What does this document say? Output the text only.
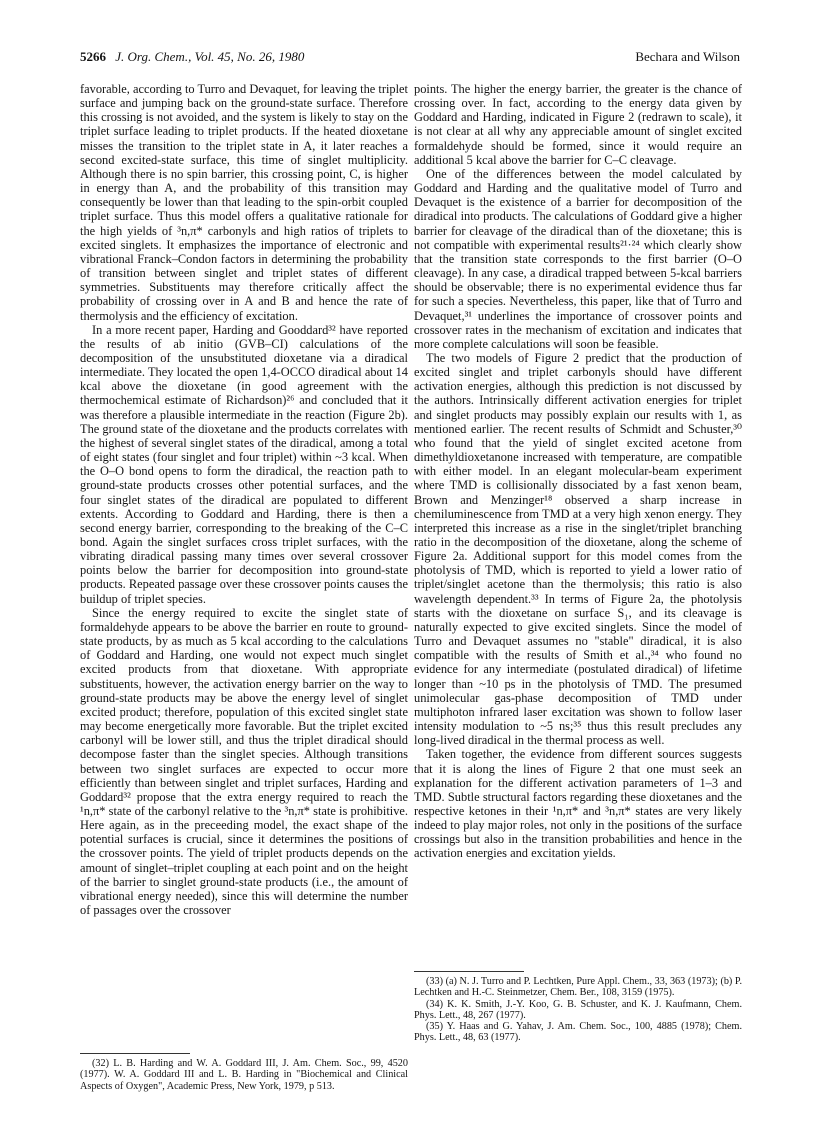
5266 J. Org. Chem., Vol. 45, No. 26, 1980	Bechara and Wilson

favorable, according to Turro and Devaquet, for leaving the triplet surface and jumping back on the ground-state surface. Therefore this crossing is not avoided, and the system is likely to stay on the triplet surface leading to triplet products. If the heated dioxetane misses the transition to the triplet state in A, it later reaches a second excited-state surface, this time of singlet multiplicity. Although there is no spin barrier, this crossing point, C, is higher in energy than A, and the probability of this transition may consequently be lower than that leading to the spin-orbit coupled triplet surface. Thus this model offers a qualitative rationale for the high yields of ³n,π* carbonyls and high ratios of triplets to excited singlets. It emphasizes the importance of electronic and vibrational Franck–Condon factors in determining the probability of transition between singlet and triplet states of different symmetries. Substituents may therefore critically affect the probability of crossing over in A and B and hence the rate of thermolysis and the efficiency of excitation.

In a more recent paper, Harding and Gooddard³² have reported the results of ab initio (GVB–CI) calculations of the decomposition of the unsubstituted dioxetane via a diradical intermediate. They located the open 1,4-OCCO diradical about 14 kcal above the dioxetane (in good agreement with the thermochemical estimate of Richardson)²⁶ and concluded that it was therefore a plausible intermediate in the reaction (Figure 2b). The ground state of the dioxetane and the products correlates with the highest of several singlet states of the diradical, among a total of eight states (four singlet and four triplet) within ~3 kcal. When the O–O bond opens to form the diradical, the reaction path to ground-state products crosses other potential surfaces, and the four singlet states of the diradical are populated to different extents. According to Goddard and Harding, there is then a second energy barrier, corresponding to the breaking of the C–C bond. Again the singlet surfaces cross triplet surfaces, with the vibrating diradical passing many times over several crossover points below the barrier for decomposition into ground-state products. Repeated passage over these crossover points causes the buildup of triplet species.

Since the energy required to excite the singlet state of formaldehyde appears to be above the barrier en route to ground-state products, by as much as 5 kcal according to the calculations of Goddard and Harding, one would not expect much singlet excited products from that dioxetane. With appropriate substituents, however, the activation energy barrier on the way to ground-state products may be above the energy level of singlet excited product; therefore, population of this excited singlet state may become energetically more favorable. But the triplet excited carbonyl will be lower still, and thus the triplet diradical should decompose faster than the singlet species. Although transitions between two singlet surfaces are expected to occur more efficiently than between singlet and triplet surfaces, Harding and Goddard³² propose that the extra energy required to reach the ¹n,π* state of the carbonyl relative to the ³n,π* state is prohibitive. Here again, as in the preceeding model, the exact shape of the potential surfaces is crucial, since it determines the positions of the crossover points. The yield of triplet products depends on the amount of singlet–triplet coupling at each point and on the height of the barrier to singlet ground-state products (i.e., the amount of vibrational energy needed), since this will determine the number of passages over the crossover

points. The higher the energy barrier, the greater is the chance of crossing over. In fact, according to the energy data given by Goddard and Harding, indicated in Figure 2 (redrawn to scale), it is not clear at all why any appreciable amount of singlet excited formaldehyde should be formed, since it would require an additional 5 kcal above the barrier for C–C cleavage.

One of the differences between the model calculated by Goddard and Harding and the qualitative model of Turro and Devaquet is the existence of a barrier for decomposition of the diradical into products. The calculations of Goddard give a higher barrier for cleavage of the diradical than of the dioxetane; this is not compatible with experimental results²¹·²⁴ which clearly show that the transition state corresponds to the first barrier (O–O cleavage). In any case, a diradical trapped between 5-kcal barriers should be observable; there is no experimental evidence thus far for such a species. Nevertheless, this paper, like that of Turro and Devaquet,³¹ underlines the importance of crossover points and crossover rates in the mechanism of excitation and indicates that more complete calculations will soon be feasible.

The two models of Figure 2 predict that the production of excited singlet and triplet carbonyls should have different activation energies, although this prediction is not discussed by the authors. Intrinsically different activation energies for triplet and singlet products may possibly explain our results with 1, as mentioned earlier. The recent results of Schmidt and Schuster,³⁰ who found that the yield of singlet excited acetone from dimethyldioxetanone increased with temperature, are compatible with either model. In an elegant molecular-beam experiment where TMD is collisionally dissociated by a fast xenon beam, Brown and Menzinger¹⁸ observed a sharp increase in chemiluminescence from TMD at a very high xenon energy. They interpreted this increase as a rise in the singlet/triplet branching ratio in the decomposition of the dioxetane, along the scheme of Figure 2a. Additional support for this model comes from the photolysis of TMD, which is reported to yield a lower ratio of triplet/singlet acetone than the thermolysis; this ratio is also wavelength dependent.³³ In terms of Figure 2a, the photolysis starts with the dioxetane on surface S₁, and its cleavage is naturally expected to give excited singlets. Since the model of Turro and Devaquet assumes no "stable" diradical, it is also compatible with the results of Smith et al.,³⁴ who found no evidence for any intermediate (postulated diradical) of lifetime longer than ~10 ps in the photolysis of TMD. The presumed unimolecular gas-phase decomposition of TMD under multiphoton infrared laser excitation was shown to follow laser intensity modulation to ~5 ns;³⁵ thus this result precludes any long-lived diradical in the thermal process as well.

Taken together, the evidence from different sources suggests that it is along the lines of Figure 2 that one must seek an explanation for the different activation parameters of 1–3 and TMD. Subtle structural factors regarding these dioxetanes and the respective ketones in their ¹n,π* and ³n,π* states are very likely indeed to play major roles, not only in the positions of the surface crossings but also in the transition probabilities and hence in the activation energies and excitation yields.

(32) L. B. Harding and W. A. Goddard III, J. Am. Chem. Soc., 99, 4520 (1977). W. A. Goddard III and L. B. Harding in "Biochemical and Clinical Aspects of Oxygen", Academic Press, New York, 1979, p 513.

(33) (a) N. J. Turro and P. Lechtken, Pure Appl. Chem., 33, 363 (1973); (b) P. Lechtken and H.-C. Steinmetzer, Chem. Ber., 108, 3159 (1975).

(34) K. K. Smith, J.-Y. Koo, G. B. Schuster, and K. J. Kaufmann, Chem. Phys. Lett., 48, 267 (1977).

(35) Y. Haas and G. Yahav, J. Am. Chem. Soc., 100, 4885 (1978); Chem. Phys. Lett., 48, 63 (1977).
